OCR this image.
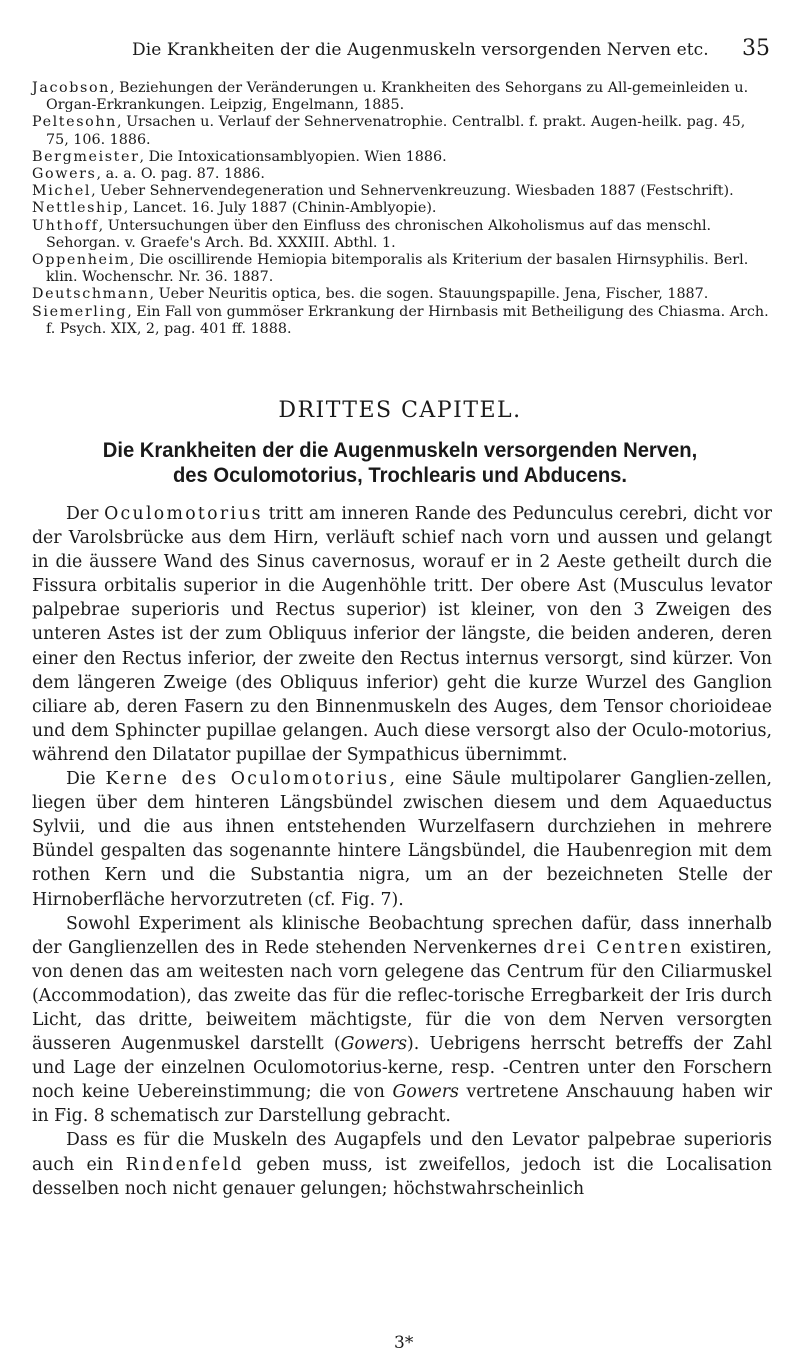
Die Krankheiten der die Augenmuskeln versorgenden Nerven etc. 35

Jacobson, Beziehungen der Veränderungen u. Krankheiten des Sehorgans zu All-gemeinleiden u. Organ-Erkrankungen. Leipzig, Engelmann, 1885.

Peltesohn, Ursachen u. Verlauf der Sehnervenatrophie. Centralbl. f. prakt. Augen-heilk. pag. 45, 75, 106. 1886.

Bergmeister, Die Intoxicationsamblyopien. Wien 1886.

Gowers, a. a. O. pag. 87. 1886.

Michel, Ueber Sehnervendegeneration und Sehnervenkreuzung. Wiesbaden 1887 (Festschrift).

Nettleship, Lancet. 16. July 1887 (Chinin-Amblyopie).

Uhthoff, Untersuchungen über den Einfluss des chronischen Alkoholismus auf das menschl. Sehorgan. v. Graefe's Arch. Bd. XXXIII. Abthl. 1.

Oppenheim, Die oscillirende Hemiopia bitemporalis als Kriterium der basalen Hirnsyphilis. Berl. klin. Wochenschr. Nr. 36. 1887.

Deutschmann, Ueber Neuritis optica, bes. die sogen. Stauungspapille. Jena, Fischer, 1887.

Siemerling, Ein Fall von gummöser Erkrankung der Hirnbasis mit Betheiligung des Chiasma. Arch. f. Psych. XIX, 2, pag. 401 ff. 1888.

DRITTES CAPITEL.
Die Krankheiten der die Augenmuskeln versorgenden Nerven,
des Oculomotorius, Trochlearis und Abducens.

Der Oculomotorius tritt am inneren Rande des Pedunculus cerebri, dicht vor der Varolsbrücke aus dem Hirn, verläuft schief nach vorn und aussen und gelangt in die äussere Wand des Sinus cavernosus, worauf er in 2 Aeste getheilt durch die Fissura orbitalis superior in die Augenhöhle tritt. Der obere Ast (Musculus levator palpebrae superioris und Rectus superior) ist kleiner, von den 3 Zweigen des unteren Astes ist der zum Obliquus inferior der längste, die beiden anderen, deren einer den Rectus inferior, der zweite den Rectus internus versorgt, sind kürzer. Von dem längeren Zweige (des Obliquus inferior) geht die kurze Wurzel des Ganglion ciliare ab, deren Fasern zu den Binnenmuskeln des Auges, dem Tensor chorioideae und dem Sphincter pupillae gelangen. Auch diese versorgt also der Oculo-motorius, während den Dilatator pupillae der Sympathicus übernimmt.

Die Kerne des Oculomotorius, eine Säule multipolarer Ganglien-zellen, liegen über dem hinteren Längsbündel zwischen diesem und dem Aquaeductus Sylvii, und die aus ihnen entstehenden Wurzelfasern durchziehen in mehrere Bündel gespalten das sogenannte hintere Längsbündel, die Haubenregion mit dem rothen Kern und die Substantia nigra, um an der bezeichneten Stelle der Hirnoberfläche hervorzutreten (cf. Fig. 7).

Sowohl Experiment als klinische Beobachtung sprechen dafür, dass innerhalb der Ganglienzellen des in Rede stehenden Nervenkernes drei Centren existiren, von denen das am weitesten nach vorn gelegene das Centrum für den Ciliarmuskel (Accommodation), das zweite das für die reflec-torische Erregbarkeit der Iris durch Licht, das dritte, beiweitem mächtigste, für die von dem Nerven versorgten äusseren Augenmuskel darstellt (Gowers). Uebrigens herrscht betreffs der Zahl und Lage der einzelnen Oculomotorius-kerne, resp. -Centren unter den Forschern noch keine Uebereinstimmung; die von Gowers vertretene Anschauung haben wir in Fig. 8 schematisch zur Darstellung gebracht.

Dass es für die Muskeln des Augapfels und den Levator palpebrae superioris auch ein Rindenfeld geben muss, ist zweifellos, jedoch ist die Localisation desselben noch nicht genauer gelungen; höchstwahrscheinlich

3*
